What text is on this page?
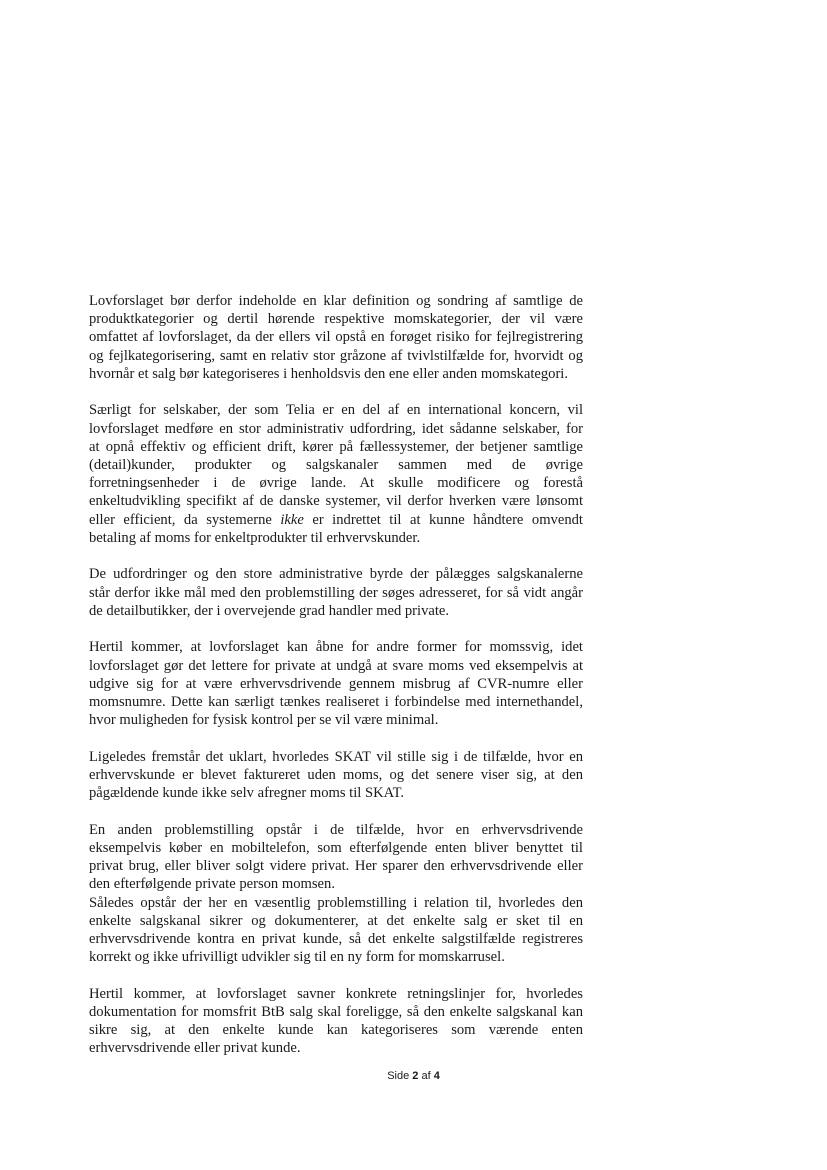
Lovforslaget bør derfor indeholde en klar definition og sondring af samtlige de
produktkategorier og dertil hørende respektive momskategorier, der vil være
omfattet af lovforslaget, da der ellers vil opstå en forøget risiko for fejlregistrering
og fejlkategorisering, samt en relativ stor gråzone af tvivlstilfælde for, hvorvidt og
hvornår et salg bør kategoriseres i henholdsvis den ene eller anden momskategori.
Særligt for selskaber, der som Telia er en del af en international koncern, vil
lovforslaget medføre en stor administrativ udfordring, idet sådanne selskaber, for
at opnå effektiv og efficient drift, kører på fællessystemer, der betjener samtlige
(detail)kunder, produkter og salgskanaler sammen med de øvrige
forretningsenheder i de øvrige lande. At skulle modificere og forestå
enkeltudvikling specifikt af de danske systemer, vil derfor hverken være lønsomt
eller efficient, da systemerne ikke er indrettet til at kunne håndtere omvendt
betaling af moms for enkeltprodukter til erhvervskunder.
De udfordringer og den store administrative byrde der pålægges salgskanalerne
står derfor ikke mål med den problemstilling der søges adresseret, for så vidt angår
de detailbutikker, der i overvejende grad handler med private.
Hertil kommer, at lovforslaget kan åbne for andre former for momssvig, idet
lovforslaget gør det lettere for private at undgå at svare moms ved eksempelvis at
udgive sig for at være erhvervsdrivende gennem misbrug af CVR-numre eller
momsnumre. Dette kan særligt tænkes realiseret i forbindelse med internethandel,
hvor muligheden for fysisk kontrol per se vil være minimal.
Ligeledes fremstår det uklart, hvorledes SKAT vil stille sig i de tilfælde, hvor en
erhvervskunde er blevet faktureret uden moms, og det senere viser sig, at den
pågældende kunde ikke selv afregner moms til SKAT.
En anden problemstilling opstår i de tilfælde, hvor en erhvervsdrivende
eksempelvis køber en mobiltelefon, som efterfølgende enten bliver benyttet til
privat brug, eller bliver solgt videre privat. Her sparer den erhvervsdrivende eller
den efterfølgende private person momsen.
Således opstår der her en væsentlig problemstilling i relation til, hvorledes den
enkelte salgskanal sikrer og dokumenterer, at det enkelte salg er sket til en
erhvervsdrivende kontra en privat kunde, så det enkelte salgstilfælde registreres
korrekt og ikke ufrivilligt udvikler sig til en ny form for momskarrusel.
Hertil kommer, at lovforslaget savner konkrete retningslinjer for, hvorledes
dokumentation for momsfrit BtB salg skal foreligge, så den enkelte salgskanal kan
sikre sig, at den enkelte kunde kan kategoriseres som værende enten
erhvervsdrivende eller privat kunde.
Side 2 af 4
